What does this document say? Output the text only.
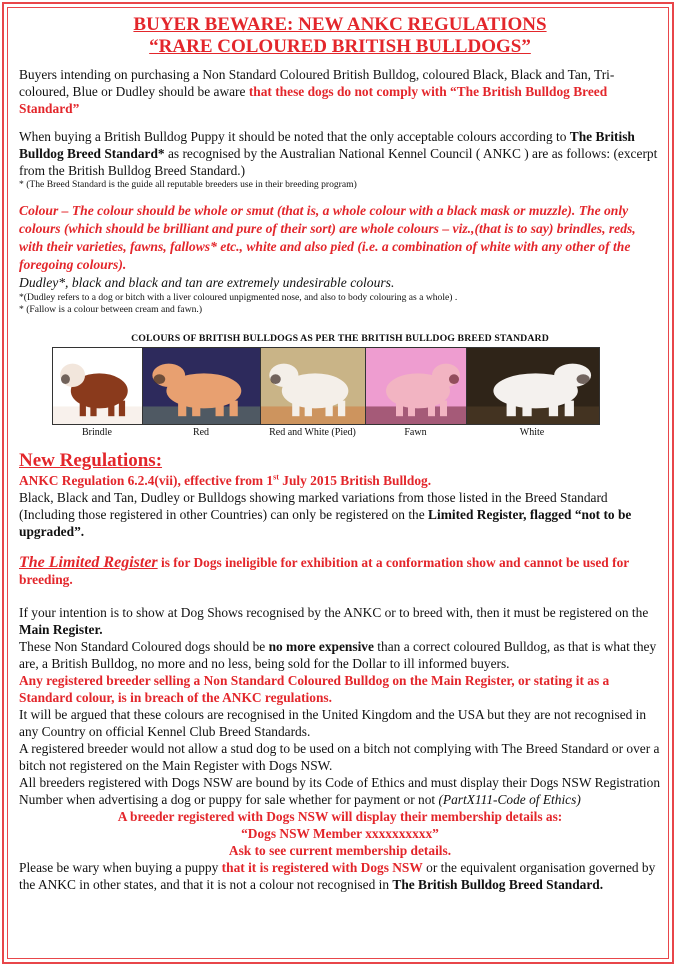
BUYER BEWARE: NEW ANKC REGULATIONS
“RARE COLOURED BRITISH BULLDOGS”

Buyers intending on purchasing a Non Standard Coloured British Bulldog, coloured Black, Black and Tan, Tri-coloured, Blue or Dudley should be aware that these dogs do not comply with “The British Bulldog Breed Standard”

When buying a British Bulldog Puppy it should be noted that the only acceptable colours according to The British Bulldog Breed Standard* as recognised by the Australian National Kennel Council ( ANKC ) are as follows: (excerpt from the British Bulldog Breed Standard.)

* (The Breed Standard is the guide all reputable breeders use in their breeding program)

Colour – The colour should be whole or smut (that is, a whole colour with a black mask or muzzle). The only colours (which should be brilliant and pure of their sort) are whole colours – viz.,(that is to say) brindles, reds, with their varieties, fawns, fallows* etc., white and also pied (i.e. a combination of white with any other of the foregoing colours).

Dudley*, black and black and tan are extremely undesirable colours.

*(Dudley refers to a dog or bitch with a liver coloured unpigmented nose, and also to body colouring as a whole) .

* (Fallow is a colour between cream and fawn.)

COLOURS OF BRITISH BULLDOGS AS PER THE BRITISH BULLDOG BREED STANDARD
Brindle	Red	Red and White (Pied)	Fawn	White
New Regulations:

ANKC Regulation 6.2.4(vii), effective from 1st July 2015 British Bulldog.

Black, Black and Tan, Dudley or Bulldogs showing marked variations from those listed in the Breed Standard (Including those registered in other Countries) can only be registered on the Limited Register, flagged “not to be upgraded”.

The Limited Register is for Dogs ineligible for exhibition at a conformation show and cannot be used for breeding.

If your intention is to show at Dog Shows recognised by the ANKC or to breed with, then it must be registered on the Main Register.

These Non Standard Coloured dogs should be no more expensive than a correct coloured Bulldog, as that is what they are, a British Bulldog, no more and no less, being sold for the Dollar to ill informed buyers.

Any registered breeder selling a Non Standard Coloured Bulldog on the Main Register, or stating it as a Standard colour, is in breach of the ANKC regulations.

It will be argued that these colours are recognised in the United Kingdom and the USA but they are not recognised in any Country on official Kennel Club Breed Standards.

A registered breeder would not allow a stud dog to be used on a bitch not complying with The Breed Standard or over a bitch not registered on the Main Register with Dogs NSW.

All breeders registered with Dogs NSW are bound by its Code of Ethics and must display their Dogs NSW Registration Number when advertising a dog or puppy for sale whether for payment or not (PartX111-Code of Ethics)

A breeder registered with Dogs NSW will display their membership details as:

“Dogs NSW Member xxxxxxxxxx”

Ask to see current membership details.

Please be wary when buying a puppy that it is registered with Dogs NSW or the equivalent organisation governed by the ANKC in other states, and that it is not a colour not recognised in The British Bulldog Breed Standard.
